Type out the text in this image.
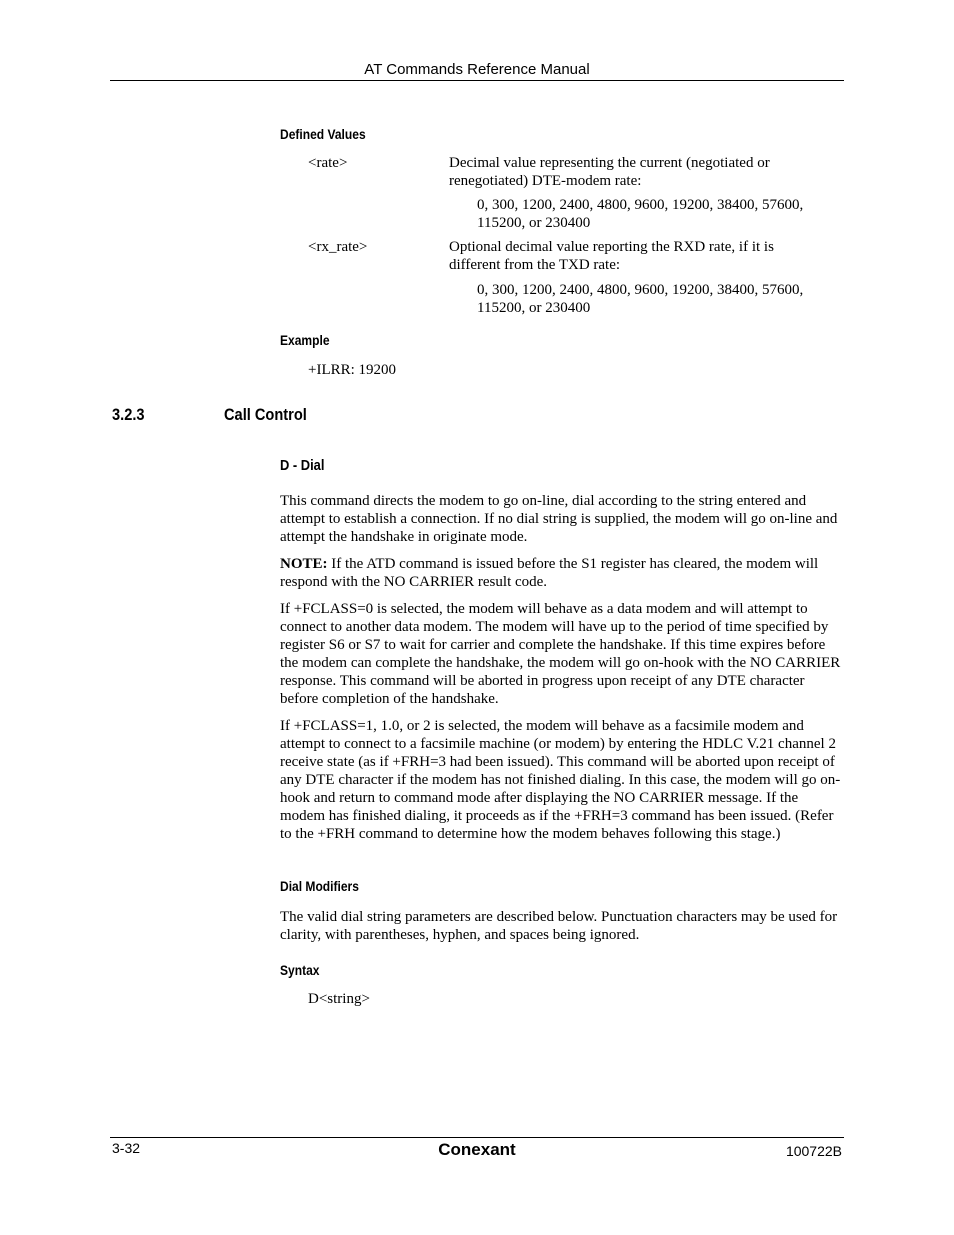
AT Commands Reference Manual
Defined Values
<rate>	Decimal value representing the current (negotiated or renegotiated) DTE-modem rate:
0, 300, 1200, 2400, 4800, 9600, 19200, 38400, 57600, 115200, or 230400
<rx_rate>	Optional decimal value reporting the RXD rate, if it is different from the TXD rate:
0, 300, 1200, 2400, 4800, 9600, 19200, 38400, 57600, 115200, or 230400
Example
+ILRR: 19200
3.2.3	Call Control
D - Dial
This command directs the modem to go on-line, dial according to the string entered and attempt to establish a connection. If no dial string is supplied, the modem will go on-line and attempt the handshake in originate mode.
NOTE: If the ATD command is issued before the S1 register has cleared, the modem will respond with the NO CARRIER result code.
If +FCLASS=0 is selected, the modem will behave as a data modem and will attempt to connect to another data modem. The modem will have up to the period of time specified by register S6 or S7 to wait for carrier and complete the handshake. If this time expires before the modem can complete the handshake, the modem will go on-hook with the NO CARRIER response. This command will be aborted in progress upon receipt of any DTE character before completion of the handshake.
If +FCLASS=1, 1.0, or 2 is selected, the modem will behave as a facsimile modem and attempt to connect to a facsimile machine (or modem) by entering the HDLC V.21 channel 2 receive state (as if +FRH=3 had been issued). This command will be aborted upon receipt of any DTE character if the modem has not finished dialing. In this case, the modem will go on-hook and return to command mode after displaying the NO CARRIER message. If the modem has finished dialing, it proceeds as if the +FRH=3 command has been issued. (Refer to the +FRH command to determine how the modem behaves following this stage.)
Dial Modifiers
The valid dial string parameters are described below. Punctuation characters may be used for clarity, with parentheses, hyphen, and spaces being ignored.
Syntax
D<string>
3-32	Conexant	100722B
